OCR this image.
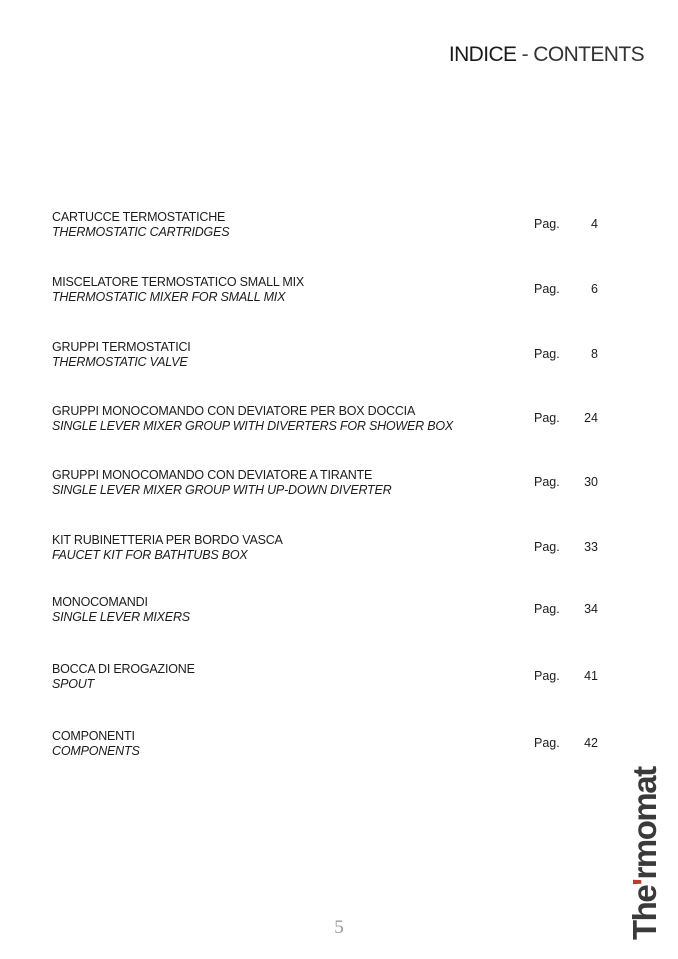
INDICE - CONTENTS
CARTUCCE TERMOSTATICHE
THERMOSTATIC CARTRIDGES
Pag.	4
MISCELATORE TERMOSTATICO SMALL MIX
THERMOSTATIC MIXER FOR SMALL MIX
Pag.	6
GRUPPI TERMOSTATICI
THERMOSTATIC VALVE
Pag.	8
GRUPPI MONOCOMANDO CON DEVIATORE PER BOX DOCCIA
SINGLE LEVER MIXER GROUP WITH DIVERTERS FOR SHOWER BOX
Pag. 24
GRUPPI MONOCOMANDO CON DEVIATORE A TIRANTE
SINGLE LEVER MIXER GROUP WITH UP-DOWN DIVERTER
Pag. 30
KIT RUBINETTERIA PER BORDO VASCA
FAUCET KIT FOR BATHTUBS BOX
Pag. 33
MONOCOMANDI
SINGLE LEVER MIXERS
Pag. 34
BOCCA DI EROGAZIONE
SPOUT
Pag. 41
COMPONENTI
COMPONENTS
Pag. 42
5	The'rmomat
